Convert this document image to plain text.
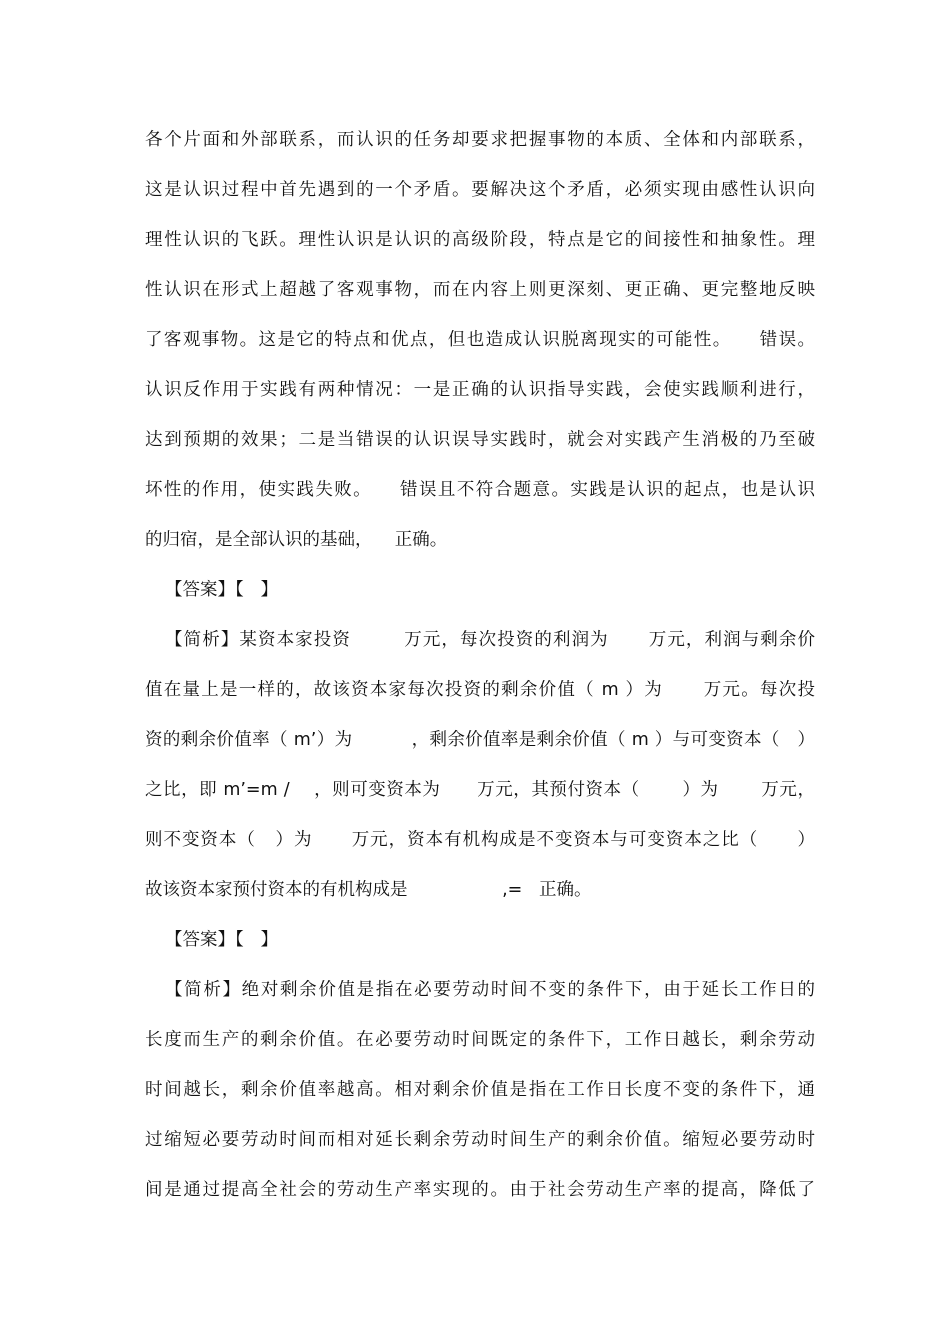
各个片面和外部联系，而认识的任务却要求把握事物的本质、全体和内部联系，
这是认识过程中首先遇到的一个矛盾。要解决这个矛盾，必须实现由感性认识向
理性认识的飞跃。理性认识是认识的高级阶段，特点是它的间接性和抽象性。理
性认识在形式上超越了客观事物，而在内容上则更深刻、更正确、更完整地反映
了客观事物。这是它的特点和优点，但也造成认识脱离现实的可能性。    错误。
认识反作用于实践有两种情况：一是正确的认识指导实践，会使实践顺利进行，
达到预期的效果；二是当错误的认识误导实践时，就会对实践产生消极的乃至破
坏性的作用，使实践失败。    错误且不符合题意。实践是认识的起点，也是认识
的归宿，是全部认识的基础，    正确。
【答案】【   】
【简析】某资本家投资        万元，每次投资的利润为      万元，利润与剩余价
值在量上是一样的，故该资本家每次投资的剩余价值（ m ）为      万元。每次投
资的剩余价值率（ m’）为          ，剩余价值率是剩余价值（ m ）与可变资本（   ）
之比，即 m’=m /    ，则可变资本为      万元，其预付资本（       ）为       万元，
则不变资本（   ）为      万元，资本有机构成是不变资本与可变资本之比（      ）
故该资本家预付资本的有机构成是                 ,=   正确。
【答案】【   】
【简析】绝对剩余价值是指在必要劳动时间不变的条件下，由于延长工作日的
长度而生产的剩余价值。在必要劳动时间既定的条件下，工作日越长，剩余劳动
时间越长，剩余价值率越高。相对剩余价值是指在工作日长度不变的条件下，通
过缩短必要劳动时间而相对延长剩余劳动时间生产的剩余价值。缩短必要劳动时
间是通过提高全社会的劳动生产率实现的。由于社会劳动生产率的提高，降低了
